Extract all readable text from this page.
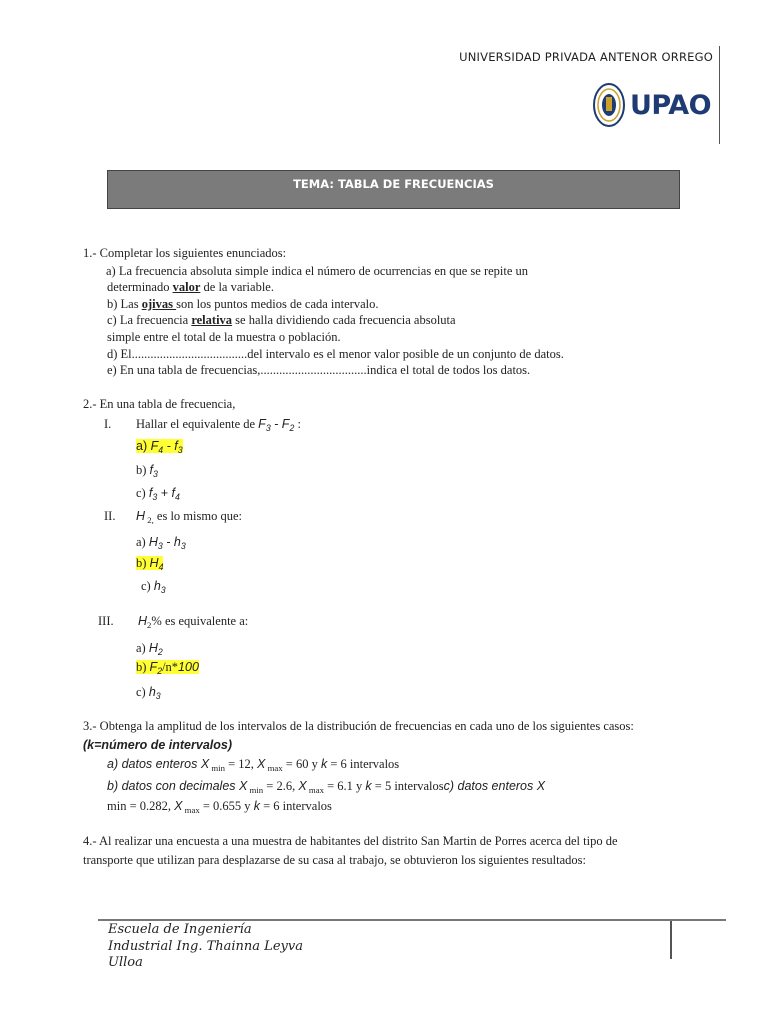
UNIVERSIDAD PRIVADA ANTENOR ORREGO
UPAO
TEMA: TABLA DE FRECUENCIAS
1.- Completar los siguientes enunciados:
a) La frecuencia absoluta simple indica el número de ocurrencias en que se repite un
determinado valor de la variable.
b) Las ojivas son los puntos medios de cada intervalo.
c) La frecuencia relativa se halla dividiendo cada frecuencia absoluta
simple entre el total de la muestra o población.
d) El.....................................del intervalo es el menor valor posible de un conjunto de datos.
e) En una tabla de frecuencias,..................................indica el total de todos los datos.
2.- En una tabla de frecuencia,
I. Hallar el equivalente de $F_3 - F_2$ :
a) $F_4 - f_3$
b) $f_3$
c) $f_3 + f_4$
II. H $_{2,}$ es lo mismo que:
a) $H_3 - h_3$
b) $H_4$
c) $h_3$
III. $H_2\%$ es equivalente a:
a) $H_2$
b) $F_2/n*100$
c) $h_3$
3.- Obtenga la amplitud de los intervalos de la distribución de frecuencias en cada uno de los siguientes casos:
(k=número de intervalos)
a) datos enteros X $_{min}$ = 12, X $_{max}$ = 60 y k = 6 intervalos
b) datos con decimales X $_{min}$ = 2.6, X $_{max}$ = 6.1 y k = 5 intervalosc) datos enteros X
min = 0.282, X $_{max}$ = 0.655 y k = 6 intervalos
4.- Al realizar una encuesta a una muestra de habitantes del distrito San Martin de Porres acerca del tipo de
transporte que utilizan para desplazarse de su casa al trabajo, se obtuvieron los siguientes resultados:
Escuela de Ingeniería
Industrial Ing. Thainna Leyva
Ulloa
